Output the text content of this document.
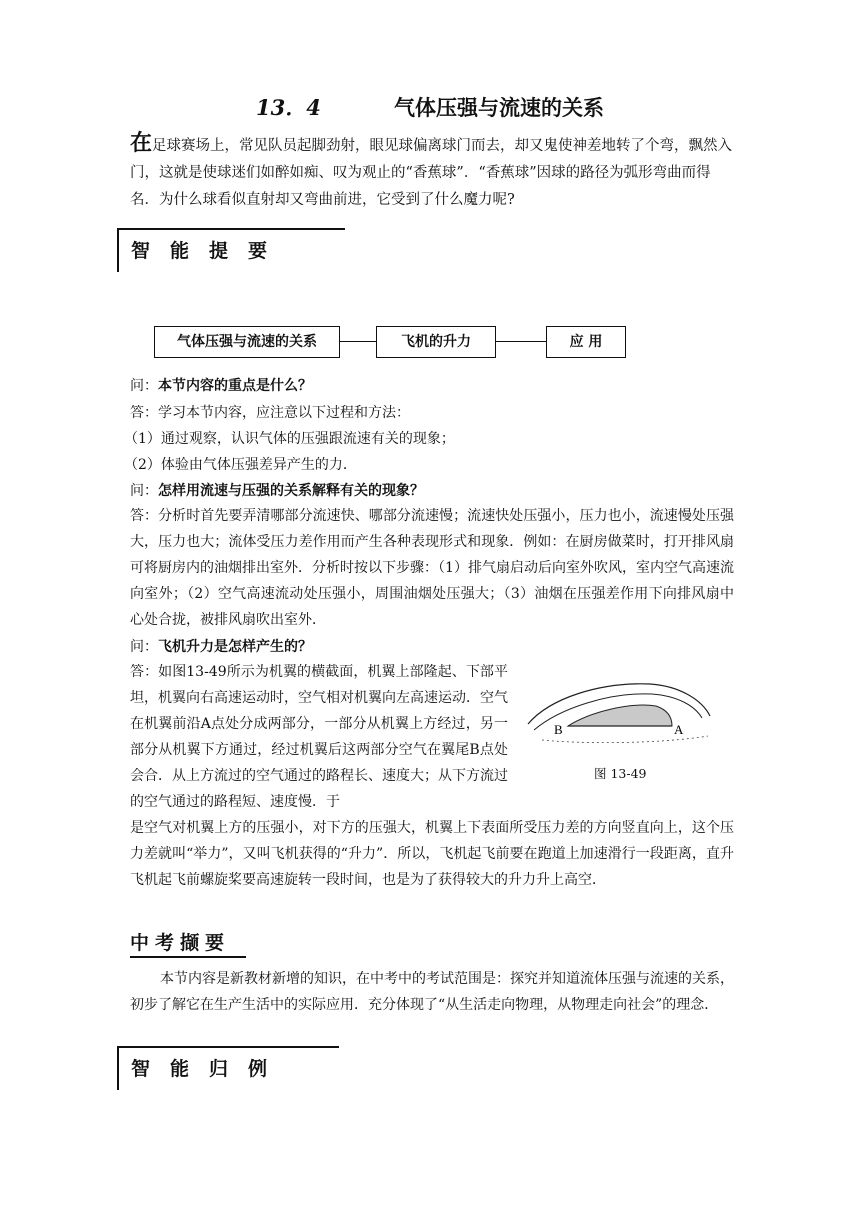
13．4	气体压强与流速的关系
在足球赛场上，常见队员起脚劲射，眼见球偏离球门而去，却又鬼使神差地转了个弯，飘然入门，这就是使球迷们如醉如痴、叹为观止的“香蕉球”．“香蕉球”因球的路径为弧形弯曲而得名．为什么球看似直射却又弯曲前进，它受到了什么魔力呢?
智能提要
气体压强与流速的关系	飞机的升力	应 用
问：本节内容的重点是什么？
答：学习本节内容，应注意以下过程和方法：
（1）通过观察，认识气体的压强跟流速有关的现象；
（2）体验由气体压强差异产生的力．
问：怎样用流速与压强的关系解释有关的现象？
答：分析时首先要弄清哪部分流速快、哪部分流速慢；流速快处压强小，压力也小，流速慢处压强大，压力也大；流体受压力差作用而产生各种表现形式和现象．例如：在厨房做菜时，打开排风扇可将厨房内的油烟排出室外．分析时按以下步骤：（1）排气扇启动后向室外吹风，室内空气高速流向室外；（2）空气高速流动处压强小，周围油烟处压强大；（3）油烟在压强差作用下向排风扇中心处合拢，被排风扇吹出室外．
问：飞机升力是怎样产生的？
答：如图13-49所示为机翼的横截面，机翼上部隆起、下部平坦，机翼向右高速运动时，空气相对机翼向左高速运动．空气在机翼前沿A点处分成两部分，一部分从机翼上方经过，另一部分从机翼下方通过，经过机翼后这两部分空气在翼尾B点处会合．从上方流过的空气通过的路程长、速度大；从下方流过的空气通过的路程短、速度慢．于
是空气对机翼上方的压强小，对下方的压强大，机翼上下表面所受压力差的方向竖直向上，这个压力差就叫“举力”，又叫飞机获得的“升力”．所以，飞机起飞前要在跑道上加速滑行一段距离，直升飞机起飞前螺旋桨要高速旋转一段时间，也是为了获得较大的升力升上高空．
B	A
图 13-49
中考撷要
本节内容是新教材新增的知识，在中考中的考试范围是：探究并知道流体压强与流速的关系，初步了解它在生产生活中的实际应用．充分体现了“从生活走向物理，从物理走向社会”的理念．
智能归例
